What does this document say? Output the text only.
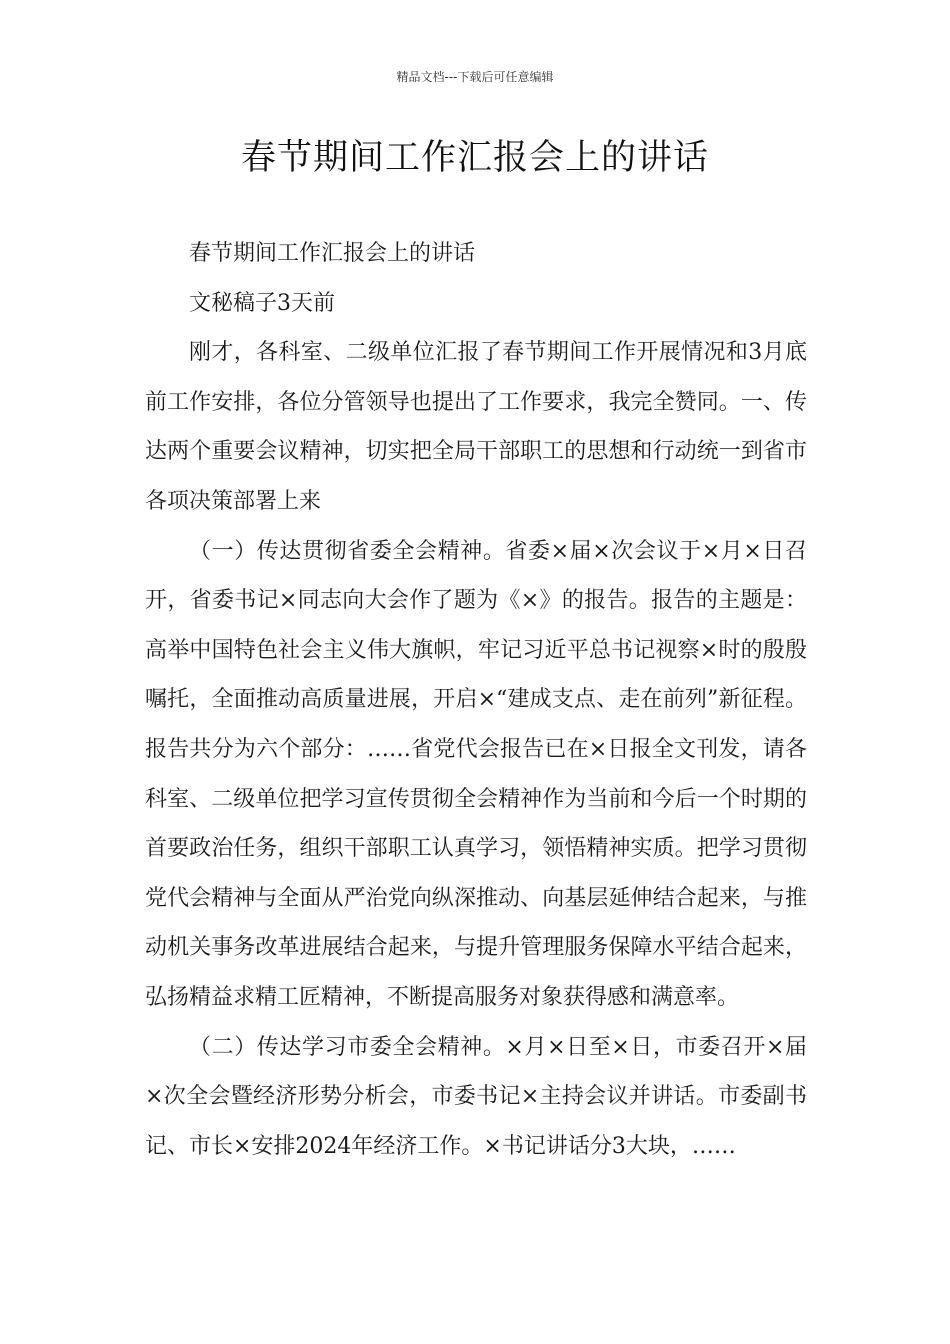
精品文档---下载后可任意编辑
春节期间工作汇报会上的讲话

春节期间工作汇报会上的讲话

文秘稿子3天前

刚才，各科室、二级单位汇报了春节期间工作开展情况和3月底前工作安排，各位分管领导也提出了工作要求，我完全赞同。一、传达两个重要会议精神，切实把全局干部职工的思想和行动统一到省市各项决策部署上来

（一）传达贯彻省委全会精神。省委×届×次会议于×月×日召开，省委书记×同志向大会作了题为《×》的报告。报告的主题是：高举中国特色社会主义伟大旗帜，牢记习近平总书记视察×时的殷殷嘱托，全面推动高质量进展，开启×“建成支点、走在前列”新征程。报告共分为六个部分：……省党代会报告已在×日报全文刊发，请各科室、二级单位把学习宣传贯彻全会精神作为当前和今后一个时期的首要政治任务，组织干部职工认真学习，领悟精神实质。把学习贯彻党代会精神与全面从严治党向纵深推动、向基层延伸结合起来，与推动机关事务改革进展结合起来，与提升管理服务保障水平结合起来，弘扬精益求精工匠精神，不断提高服务对象获得感和满意率。

（二）传达学习市委全会精神。×月×日至×日，市委召开×届×次全会暨经济形势分析会，市委书记×主持会议并讲话。市委副书记、市长×安排2024年经济工作。×书记讲话分3大块，……
